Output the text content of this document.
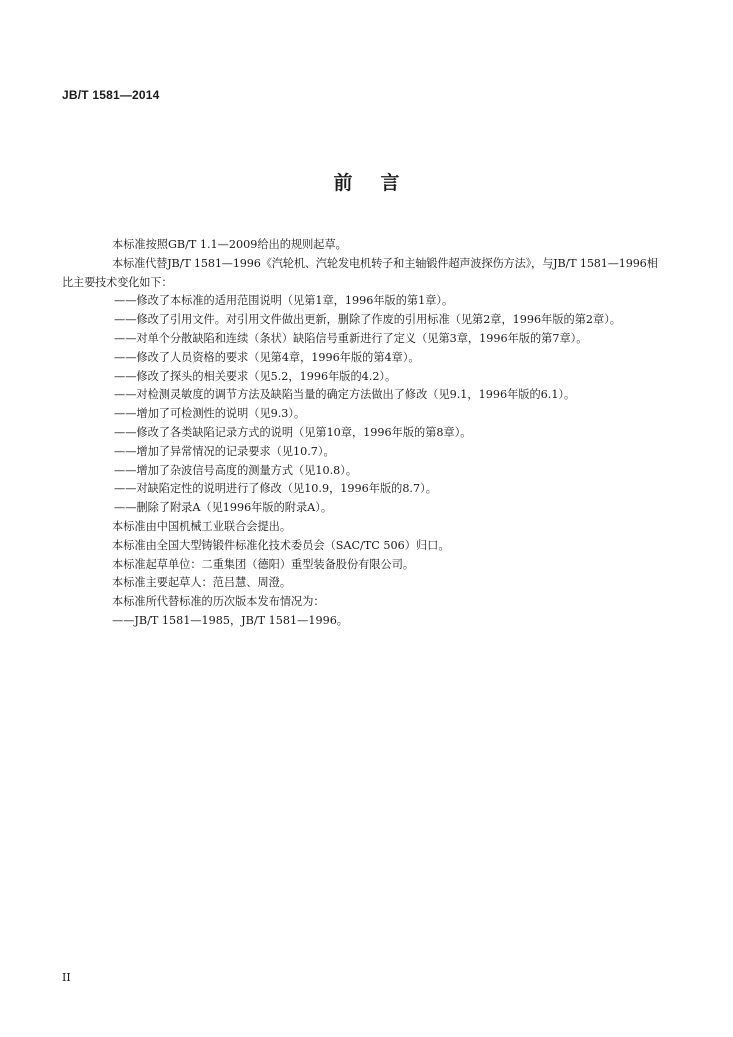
JB/T 1581—2014
前言

本标准按照GB/T 1.1—2009给出的规则起草。

本标准代替JB/T 1581—1996《汽轮机、汽轮发电机转子和主轴锻件超声波探伤方法》，与JB/T 1581—1996相比主要技术变化如下：

——修改了本标准的适用范围说明（见第1章，1996年版的第1章）。

——修改了引用文件。对引用文件做出更新，删除了作废的引用标准（见第2章，1996年版的第2章）。

——对单个分散缺陷和连续（条状）缺陷信号重新进行了定义（见第3章，1996年版的第7章）。

——修改了人员资格的要求（见第4章，1996年版的第4章）。

——修改了探头的相关要求（见5.2，1996年版的4.2）。

——对检测灵敏度的调节方法及缺陷当量的确定方法做出了修改（见9.1，1996年版的6.1）。

——增加了可检测性的说明（见9.3）。

——修改了各类缺陷记录方式的说明（见第10章，1996年版的第8章）。

——增加了异常情况的记录要求（见10.7）。

——增加了杂波信号高度的测量方式（见10.8）。

——对缺陷定性的说明进行了修改（见10.9，1996年版的8.7）。

——删除了附录A（见1996年版的附录A）。

本标准由中国机械工业联合会提出。

本标准由全国大型铸锻件标准化技术委员会（SAC/TC 506）归口。

本标准起草单位：二重集团（德阳）重型装备股份有限公司。

本标准主要起草人：范吕慧、周澄。

本标准所代替标准的历次版本发布情况为：

——JB/T 1581—1985，JB/T 1581—1996。

II
